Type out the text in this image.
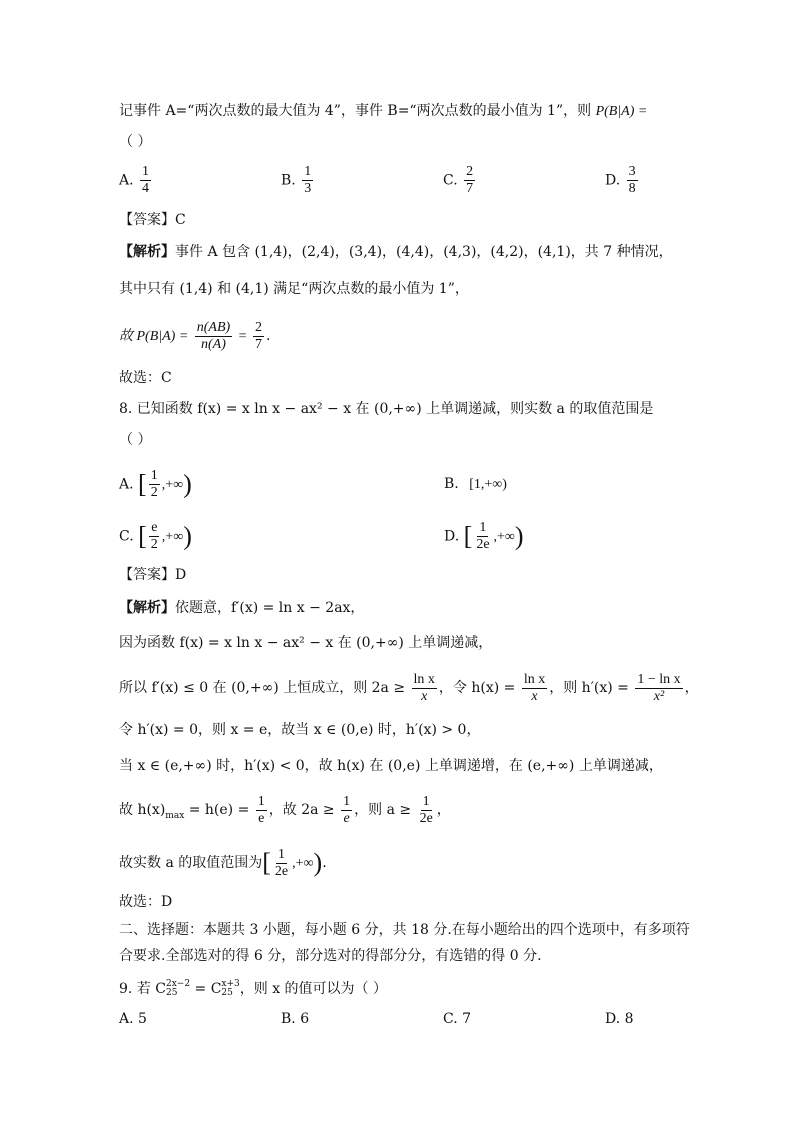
记事件 A=“两次点数的最大值为 4”，事件 B=“两次点数的最小值为 1”，则 P(B|A) =
（ ）
A. $\frac{1}{4}$	B. $\frac{1}{3}$	C. $\frac{2}{7}$	D. $\frac{3}{8}$
【答案】C
【解析】事件 A 包含 (1,4)，(2,4)，(3,4)，(4,4)，(4,3)，(4,2)，(4,1)，共 7 种情况，
其中只有 (1,4) 和 (4,1) 满足“两次点数的最小值为 1”，
故 $P(B|A) = \frac{n(AB)}{n(A)} = \frac{2}{7}$ .
故选：C
8. 已知函数 f(x) = x ln x − ax² − x 在 (0,+∞) 上单调递减，则实数 a 的取值范围是
（ ）
A. [ $\frac{1}{2}$ ,+∞)	B. [1,+∞)
C. [ $\frac{e}{2}$ ,+∞)	D. [ $\frac{1}{2e}$ ,+∞)
【答案】D
【解析】依题意，f′(x) = ln x − 2ax，
因为函数 f(x) = x ln x − ax² − x 在 (0,+∞) 上单调递减，
所以 f′(x) ≤ 0 在 (0,+∞) 上恒成立，则 $2a \ge \frac{\text{ln x}}{x}$ ，令 $h(x) = \frac{\text{ln x}}{x}$ ，则 $h'(x) = \frac{\text{1 − ln x}}{\text{x²}}$ ，
令 h′(x) = 0，则 x = e，故当 x ∈ (0,e) 时，h′(x) > 0，
当 x ∈ (e,+∞) 时，h′(x) < 0，故 h(x) 在 (0,e) 上单调递增，在 (e,+∞) 上单调递减，
故 $h(x)_{max} = h(e) = \frac{1}{e}$ ，故 $2a \ge \frac{1}{e}$ ，则 $a \ge \frac{1}{2e}$ ，
故实数 a 的取值范围为[ $\frac{1}{2e}$ ,+∞).
故选：D
二、选择题：本题共 3 小题，每小题 6 分，共 18 分.在每小题给出的四个选项中，有多项符
合要求.全部选对的得 6 分，部分选对的得部分分，有选错的得 0 分.
9. 若 C 2x−2
25 = C x+3
25 ，则 x 的值可以为（ ）
A. 5	B. 6	C. 7	D. 8
